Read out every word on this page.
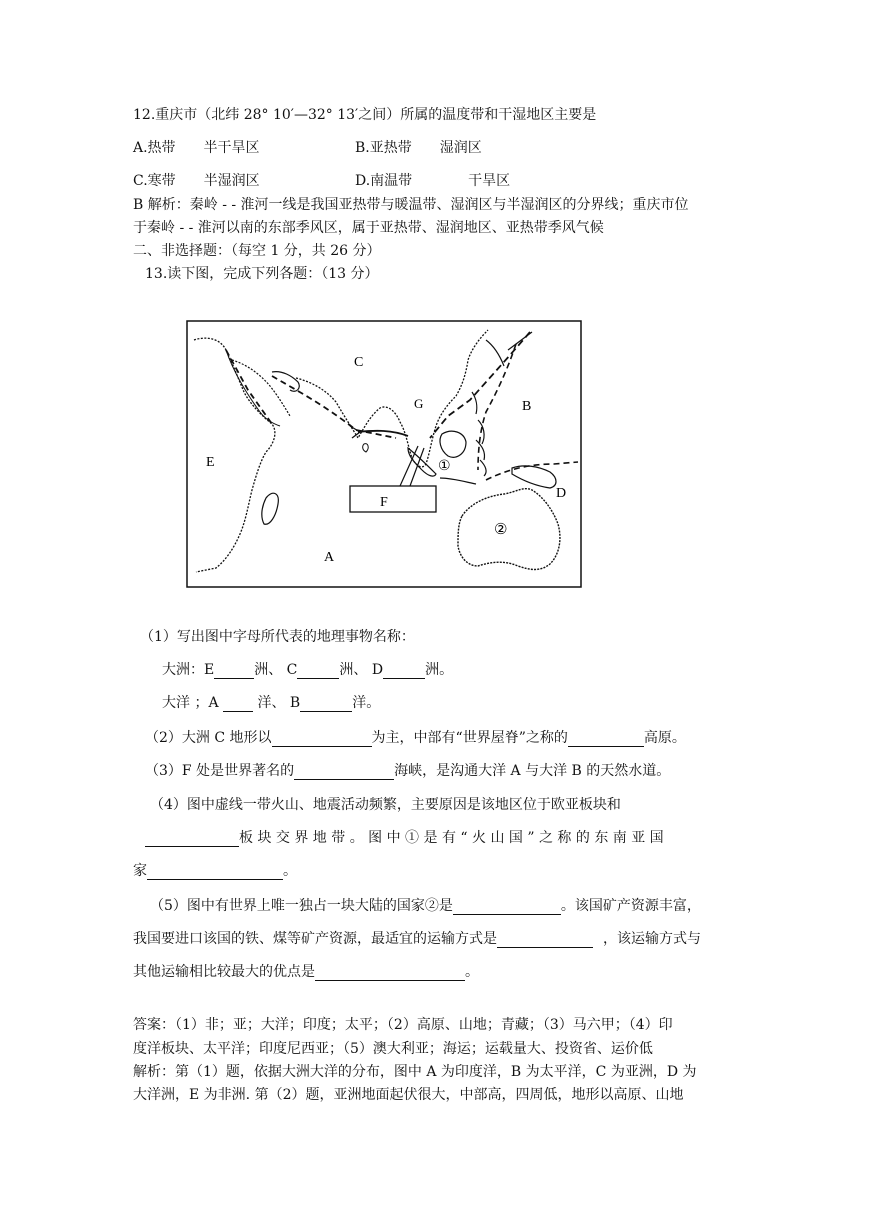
12.重庆市（北纬 28° 10′—32° 13′之间）所属的温度带和干湿地区主要是
A.热带　　半干旱区	B.亚热带　　湿润区
C.寒带　　半湿润区	D.南温带　　　　干旱区
B 解析：秦岭 - - 淮河一线是我国亚热带与暖温带、湿润区与半湿润区的分界线；重庆市位
于秦岭 - - 淮河以南的东部季风区，属于亚热带、湿润地区、亚热带季风气候
二、非选择题：（每空 1 分，共 26 分）
13.读下图，完成下列各题：（13 分）
C
B
E
G
D
A
F
①
②
（1）写出图中字母所代表的地理事物名称：
大洲：E	洲、 C	洲、 D	洲。
大洋 ；A	洋、 B	洋。
（2）大洲 C 地形以	为主，中部有“世界屋脊”之称的	高原。
（3）F 处是世界著名的	海峡，是沟通大洋 A 与大洋 B 的天然水道。
（4）图中虚线一带火山、地震活动频繁，主要原因是该地区位于欧亚板块和
板 块 交 界 地 带 。 图 中 ① 是 有 “ 火 山 国 ” 之 称 的 东 南 亚 国
家	。
（5）图中有世界上唯一独占一块大陆的国家②是	。该国矿产资源丰富，
我国要进口该国的铁、煤等矿产资源，最适宜的运输方式是	，该运输方式与
其他运输相比较最大的优点是	。
答案：（1）非；亚；大洋；印度；太平；（2）高原、山地；青藏；（3）马六甲；（4）印
度洋板块、太平洋；印度尼西亚；（5）澳大利亚；海运；运载量大、投资省、运价低
解析：第（1）题，依据大洲大洋的分布，图中 A 为印度洋，B 为太平洋，C 为亚洲，D 为
大洋洲，E 为非洲. 第（2）题，亚洲地面起伏很大，中部高，四周低，地形以高原、山地
